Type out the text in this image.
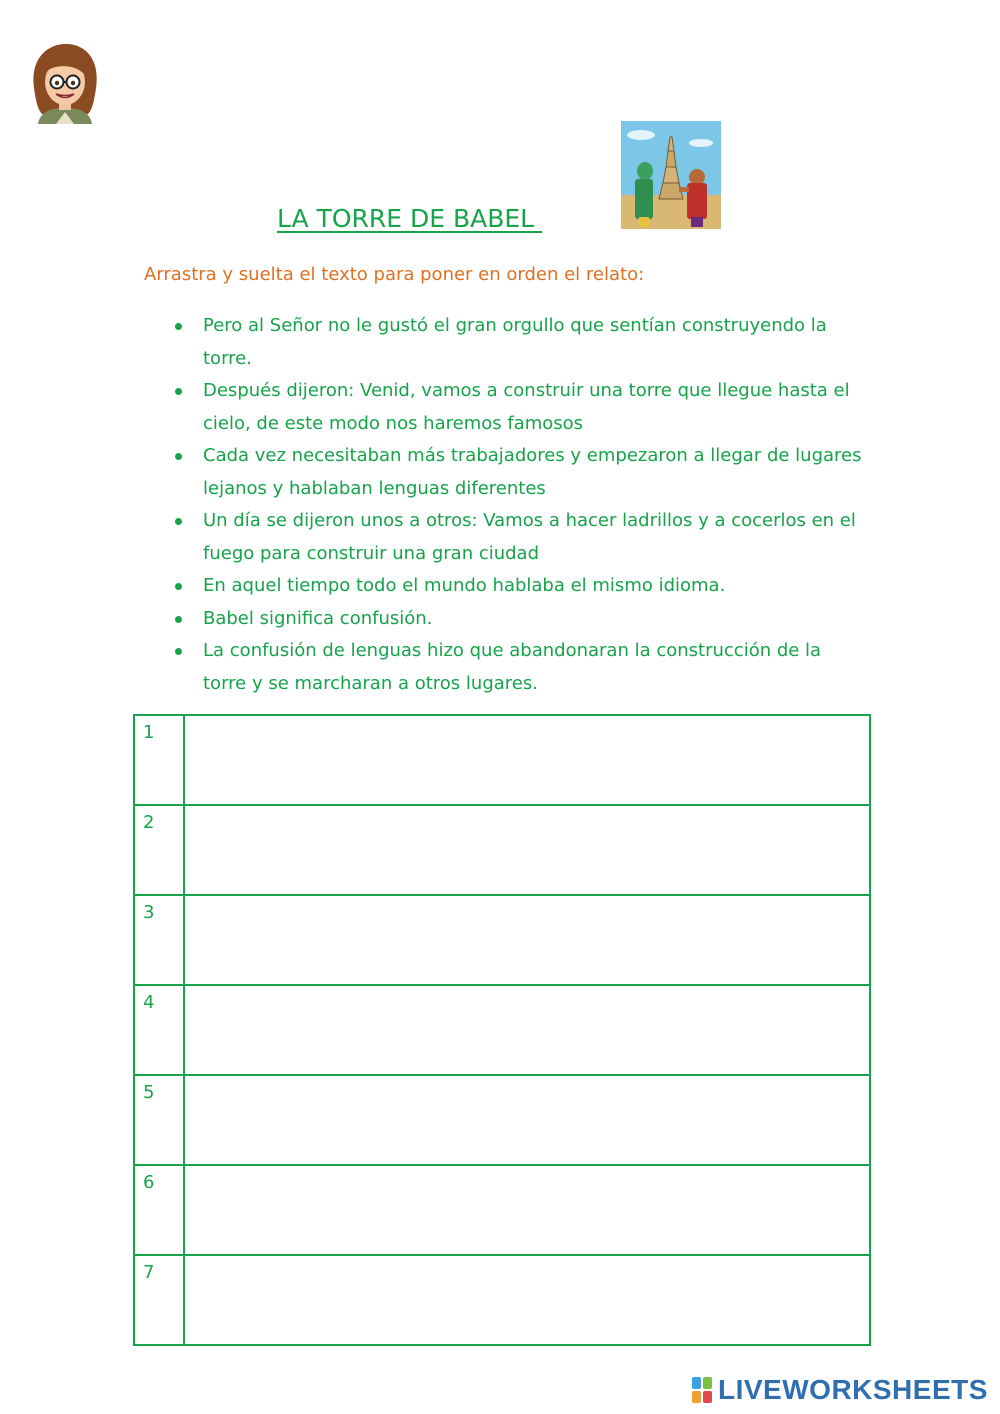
LA TORRE DE BABEL
Arrastra y suelta el texto para poner en orden el relato:
Pero al Señor no le gustó el gran orgullo que sentían construyendo la torre.
Después dijeron: Venid, vamos a construir una torre que llegue hasta el cielo, de este modo nos haremos famosos
Cada vez necesitaban más trabajadores y empezaron a llegar de lugares lejanos y hablaban lenguas diferentes
Un día se dijeron unos a otros: Vamos a hacer ladrillos y a cocerlos en el fuego para construir una gran ciudad
En aquel tiempo todo el mundo hablaba el mismo idioma.
Babel significa confusión.
La confusión de lenguas hizo que abandonaran la construcción de la torre y se marcharan a otros lugares.
1	
2	
3	
4	
5	
6	
7	
LIVEWORKSHEETS
